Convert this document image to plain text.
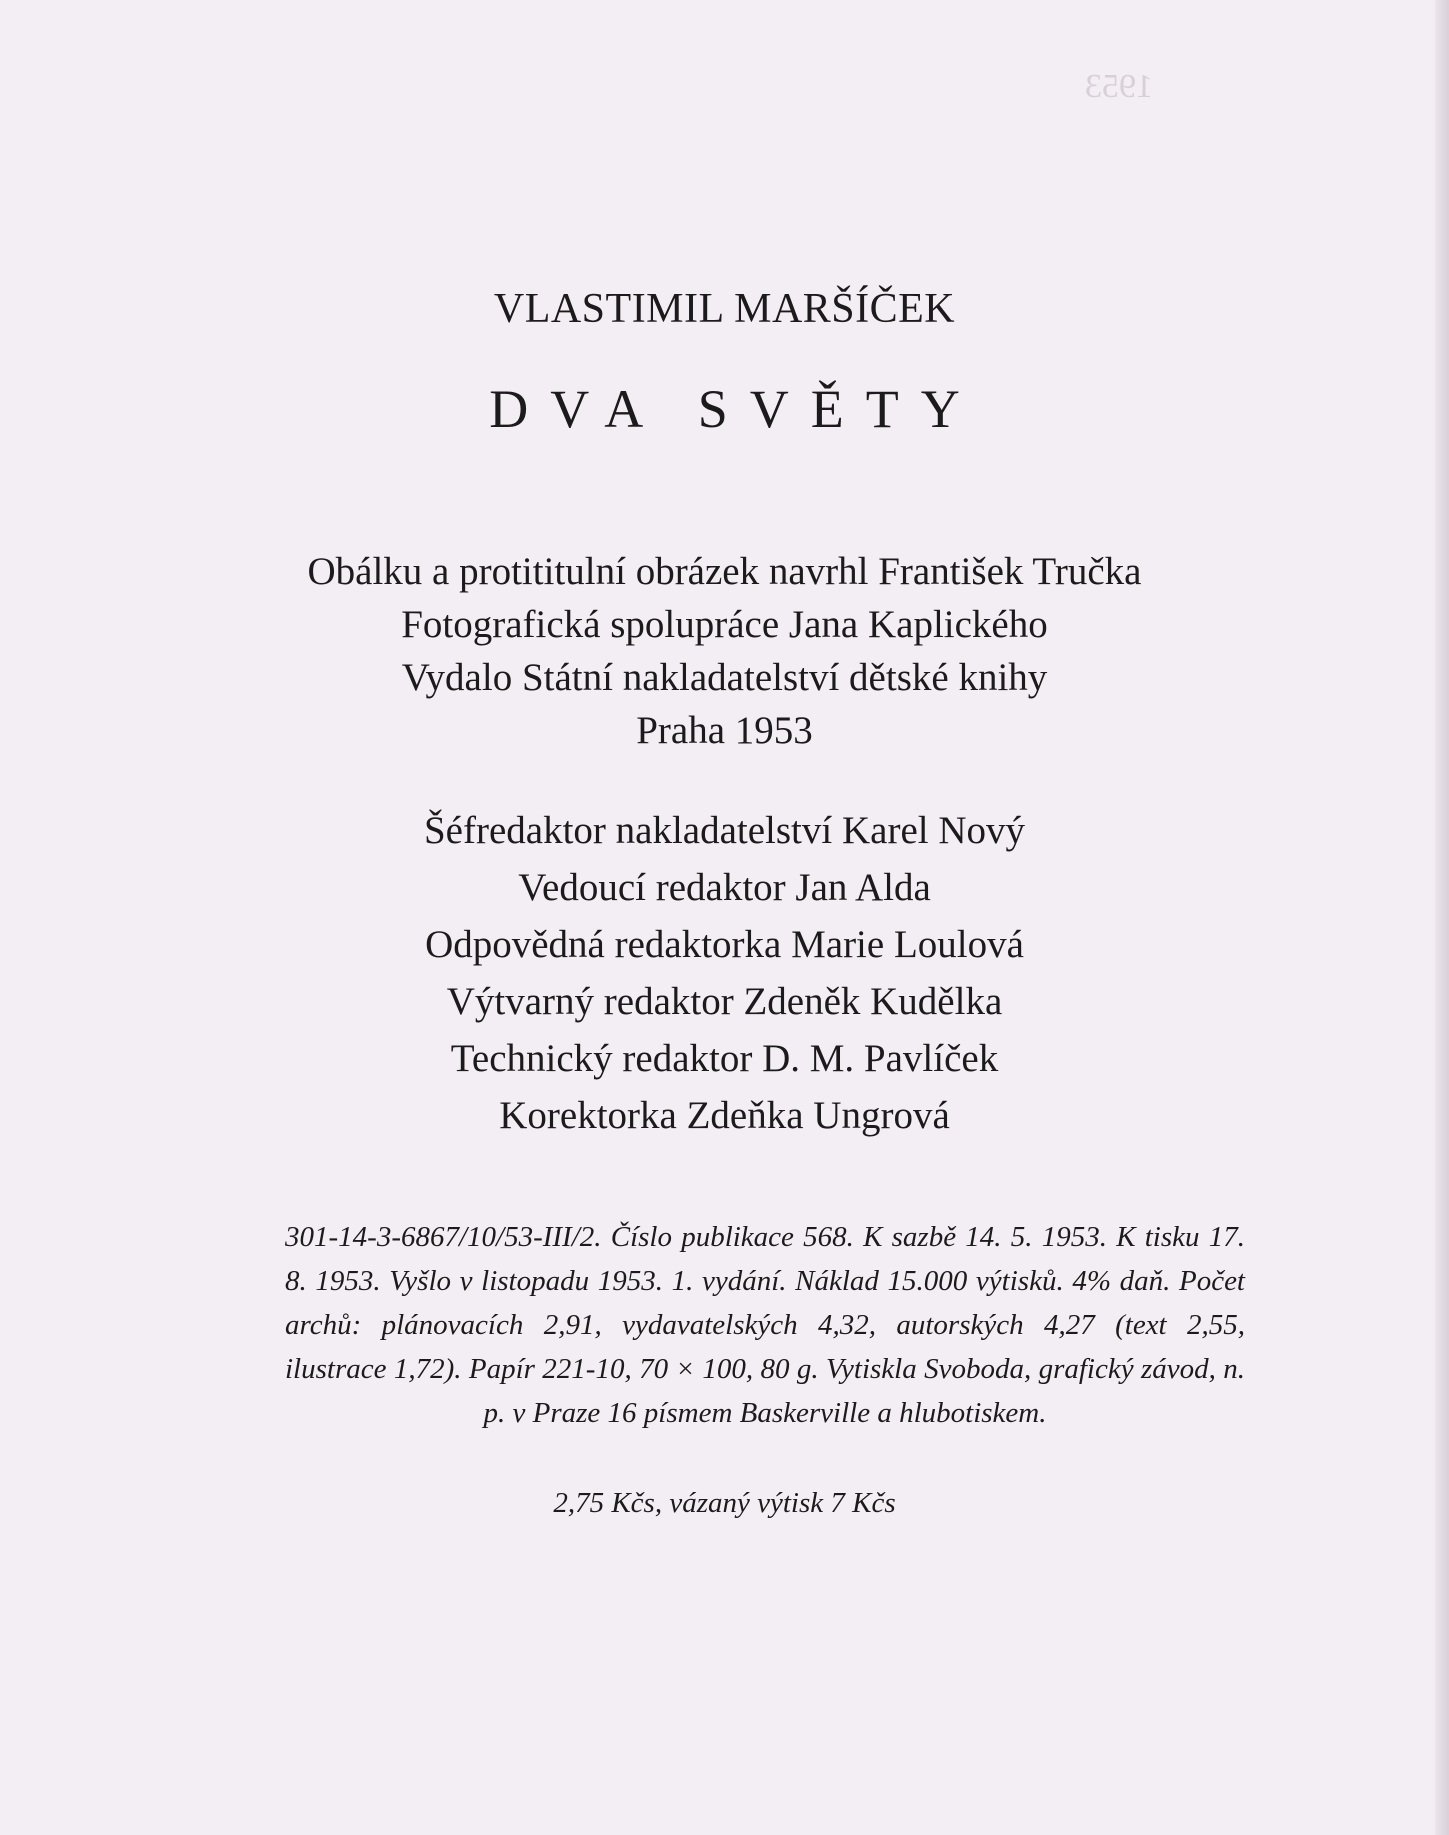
1953
VLASTIMIL MARŠÍČEK
DVA SVĚTY
Obálku a protititulní obrázek navrhl František Tručka
Fotografická spolupráce Jana Kaplického
Vydalo Státní nakladatelství dětské knihy
Praha 1953
Šéfredaktor nakladatelství Karel Nový
Vedoucí redaktor Jan Alda
Odpovědná redaktorka Marie Loulová
Výtvarný redaktor Zdeněk Kudělka
Technický redaktor D. M. Pavlíček
Korektorka Zdeňka Ungrová
301-14-3-6867/10/53-III/2. Číslo publikace 568. K sazbě 14. 5. 1953. K tisku 17. 8. 1953. Vyšlo v listopadu 1953. 1. vydání. Náklad 15.000 výtisků. 4% daň. Počet archů: plánovacích 2,91, vydavatelských 4,32, autorských 4,27 (text 2,55, ilustrace 1,72). Papír 221-10, 70 × 100, 80 g. Vytiskla Svoboda, grafický závod, n. p. v Praze 16 písmem Baskerville a hlubotiskem.
2,75 Kčs, vázaný výtisk 7 Kčs
